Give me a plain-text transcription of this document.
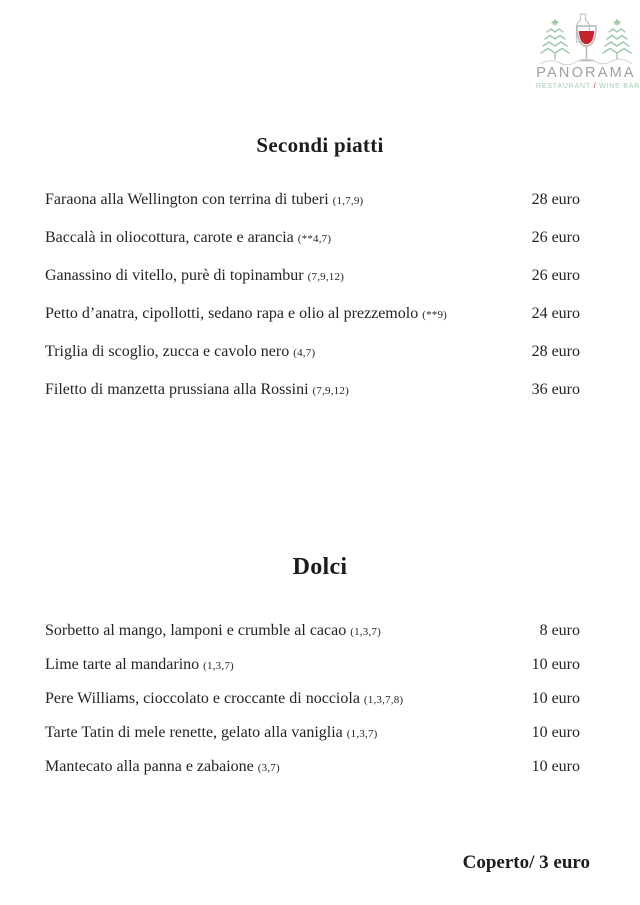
PANORAMA
RESTAURANT / WINE BAR
Secondi piatti
Faraona alla Wellington con terrina di tuberi (1,7,9)	28 euro
Baccalà in oliocottura, carote e arancia (**4,7)	26 euro
Ganassino di vitello, purè di topinambur (7,9,12)	26 euro
Petto d’anatra, cipollotti, sedano rapa e olio al prezzemolo (**9)	24 euro
Triglia di scoglio, zucca e cavolo nero (4,7)	28 euro
Filetto di manzetta prussiana alla Rossini (7,9,12)	36 euro
Dolci
Sorbetto al mango, lamponi e crumble al cacao (1,3,7)	8 euro
Lime tarte al mandarino (1,3,7)	10 euro
Pere Williams, cioccolato e croccante di nocciola (1,3,7,8)	10 euro
Tarte Tatin di mele renette, gelato alla vaniglia (1,3,7)	10 euro
Mantecato alla panna e zabaione (3,7)	10 euro
Coperto/ 3 euro
